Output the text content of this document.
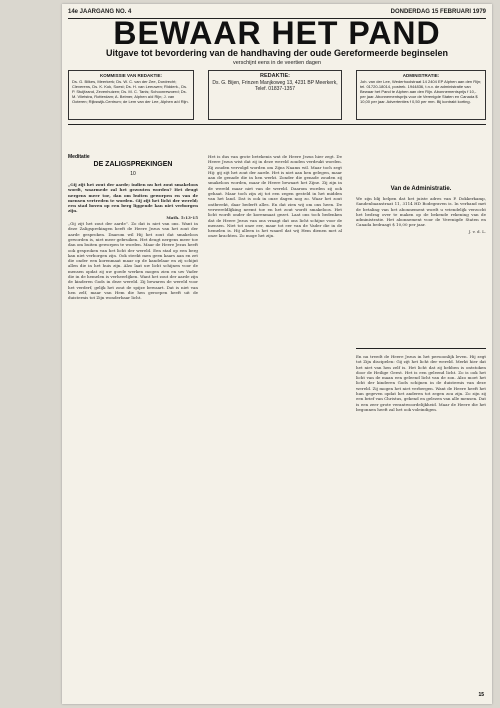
14e JAARGANG NO. 4	DONDERDAG 15 FEBRUARI 1979
BEWAAR HET PAND
Uitgave tot bevordering van de handhaving der oude Gereformeerde beginselen
verschijnt eens in de veertien dagen
KOMMISSIE VAN REDAKTIE:
Ds. G. Bilkes, Meerkerk; Ds. W. C. van der Zee, Dordrecht; Cleverens, Ds. K. Kok, Soest; Ds. H. van Leeuwen; Ridderk., Ds. P. Stuijfzand, Zevenhuizen; Ds. M. C. Tanis; Schoonrewoerd; Ds. M. Vlietstra, Rotterdam; A. Beimer, Alphen a/d Rijn; J. van Ooteren; Rijkswijk-Centrum; de Lem van der Lee, Alphen a/d Rijn.
REDAKTIE:
Ds. G. Bijen, Frinzen Manjkoweg 13, 4231 BP Meerkerk, Telef. 01837-1357
ADMINISTRATIE:
Joh. van der Lee, Wederhoolstraat 14 2404 EP Alphen aan den Rijn; tel. 01720-18014, postrek. 1944836, t.n.v. de administratie van Bewaar het Pand te Alphen aan den Rijn. Abonnementsprijs f 10,- per jaar. Abonnementsprijs voor de Verenigde Staten en Canada $ 10,00 per jaar. Advertenties f 0,50 per mm. Bij kontrakt korting.
Meditatie
DE ZALIGSPREKINGEN
10

„Gij zijt het zout der aarde; indien nu het zout smakeloos wordt, waarmede zal het gezouten worden? Het deugt nergens meer toe, dan om buiten geworpen en van de mensen vertreden te worden. Gij zijt het licht der wereld; een stad boven op een berg liggende kan niet verborgen zijn.

Math. 5:13-15

„Gij zijt het zout der aarde”. Zo dat is niet van ons. Want in deze Zaligsprekingen heeft de Heere Jezus van het zout der aarde gesproken. Daarom wil Hij het zout dat smakeloos geworden is, niet meer gebruiken. Het deugt nergens meer toe dan om buiten geworpen te worden. Maar de Heere Jezus heeft ook gesproken van het licht der wereld. Een stad op een berg kan niet verborgen zijn. Ook steekt men geen kaars aan en zet die onder een korenmaat maar op de kandelaar en zij schijnt allen die in het huis zijn. Alzo laat uw licht schijnen voor de mensen opdat zij uw goede werken mogen zien en uw Vader die in de hemelen is verheerlijken. Want het zout der aarde zijn de kinderen Gods in deze wereld. Zij bewaren de wereld voor het verderf, gelijk het zout de spijze bewaart. Dat is niet van hen zelf, maar van Hem die hen geroepen heeft uit de duisternis tot Zijn wonderbaar licht.

Het is dus van grote betekenis wat de Heere Jezus hier zegt. De Heere Jezus wist dat zij in deze wereld zouden verdrukt worden. Zij zouden vervolgd worden om Zijns Naams wil. Maar toch zegt Hij: gij zijt het zout der aarde. Het is niet aan hen gelegen, maar aan de genade die in hen werkt. Zonder die genade zouden zij smakeloos worden, maar de Heere bewaart het Zijne. Zij zijn in de wereld maar niet van de wereld. Daarom worden zij ook gehaat. Maar toch zijn zij tot een zegen gesteld in het midden van het land. Dat is ook in onze dagen nog zo. Waar het zout ontbreekt, daar bederft alles. En dat zien wij om ons heen. De verwereldlijking neemt toe en het zout wordt smakeloos. Het licht wordt onder de korenmaat gezet. Laat ons toch bedenken dat de Heere Jezus van ons vraagt dat ons licht schijne voor de mensen. Niet tot onze eer, maar tot eer van de Vader die in de hemelen is. Hij alleen is het waard dat wij Hem dienen met al onze krachten. Zo moge het zijn.

Van de Administratie.

We zijn blij helpen dat het juiste adres van P. Dokkerkamp, Sandenbaanstraat 11, 3114 HD Bodegraven is. In verband met de betaling van het abonnement wordt u vriendelijk verzocht het bedrag over te maken op de bekende rekening van de administratie. Het abonnement voor de Verenigde Staten en Canada bedraagt $ 10,00 per jaar.

J. v. d. L.

En nu treedt de Heere Jezus in het persoonlijk leven. Hij zegt tot Zijn discipelen: Gij zijt het licht der wereld. Merkt hier dat het niet van hen zelf is. Het licht dat zij hebben is ontstoken door de Heilige Geest. Het is een geleend licht. Zo is ook het licht van de maan een geleend licht van de zon. Alzo moet het licht der kinderen Gods schijnen in de duisternis van deze wereld. Zij mogen het niet verbergen. Want de Heere heeft het hun gegeven opdat het anderen tot zegen zou zijn. Zo zijn zij een brief van Christus, gekend en gelezen van alle mensen. Dat is een zeer grote verantwoordelijkheid. Maar de Heere die het begonnen heeft zal het ook voleindigen.

15
